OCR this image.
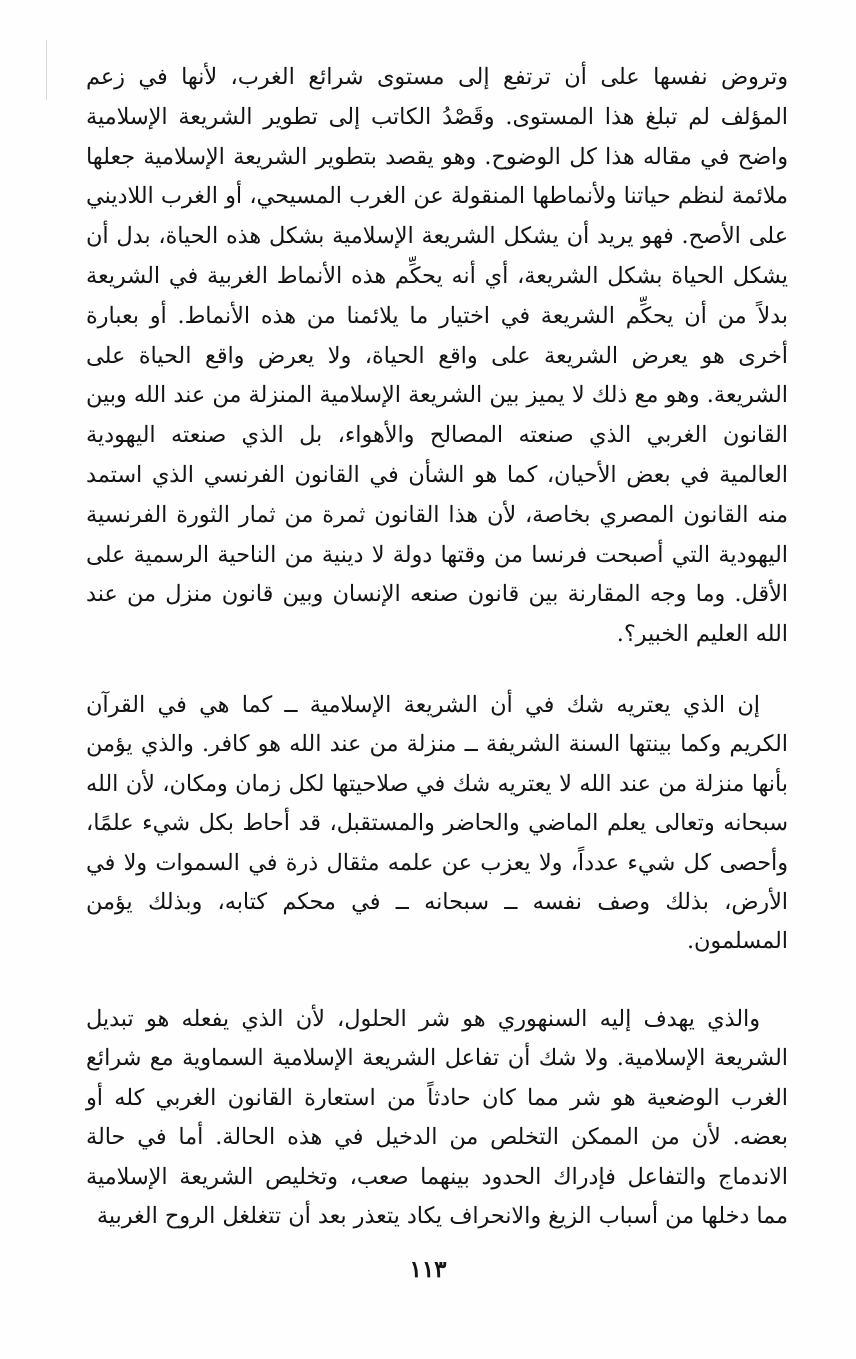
وتروض نفسها على أن ترتفع إلى مستوى شرائع الغرب، لأنها في زعم المؤلف لم تبلغ هذا المستوى. وقَصْدُ الكاتب إلى تطوير الشريعة الإسلامية واضح في مقاله هذا كل الوضوح. وهو يقصد بتطوير الشريعة الإسلامية جعلها ملائمة لنظم حياتنا ولأنماطها المنقولة عن الغرب المسيحي، أو الغرب اللاديني على الأصح. فهو يريد أن يشكل الشريعة الإسلامية بشكل هذه الحياة، بدل أن يشكل الحياة بشكل الشريعة، أي أنه يحكِّم هذه الأنماط الغربية في الشريعة بدلاً من أن يحكِّم الشريعة في اختيار ما يلائمنا من هذه الأنماط. أو بعبارة أخرى هو يعرض الشريعة على واقع الحياة، ولا يعرض واقع الحياة على الشريعة. وهو مع ذلك لا يميز بين الشريعة الإسلامية المنزلة من عند الله وبين القانون الغربي الذي صنعته المصالح والأهواء، بل الذي صنعته اليهودية العالمية في بعض الأحيان، كما هو الشأن في القانون الفرنسي الذي استمد منه القانون المصري بخاصة، لأن هذا القانون ثمرة من ثمار الثورة الفرنسية اليهودية التي أصبحت فرنسا من وقتها دولة لا دينية من الناحية الرسمية على الأقل. وما وجه المقارنة بين قانون صنعه الإنسان وبين قانون منزل من عند الله العليم الخبير؟.

إن الذي يعتريه شك في أن الشريعة الإسلامية ــ كما هي في القرآن الكريم وكما بينتها السنة الشريفة ــ منزلة من عند الله هو كافر. والذي يؤمن بأنها منزلة من عند الله لا يعتريه شك في صلاحيتها لكل زمان ومكان، لأن الله سبحانه وتعالى يعلم الماضي والحاضر والمستقبل، قد أحاط بكل شيء علمًا، وأحصى كل شيء عدداً، ولا يعزب عن علمه مثقال ذرة في السموات ولا في الأرض، بذلك وصف نفسه ــ سبحانه ــ في محكم كتابه، وبذلك يؤمن المسلمون.

والذي يهدف إليه السنهوري هو شر الحلول، لأن الذي يفعله هو تبديل الشريعة الإسلامية. ولا شك أن تفاعل الشريعة الإسلامية السماوية مع شرائع الغرب الوضعية هو شر مما كان حادثاً من استعارة القانون الغربي كله أو بعضه. لأن من الممكن التخلص من الدخيل في هذه الحالة. أما في حالة الاندماج والتفاعل فإدراك الحدود بينهما صعب، وتخليص الشريعة الإسلامية مما دخلها من أسباب الزيغ والانحراف يكاد يتعذر بعد أن تتغلغل الروح الغربية

١١٣
